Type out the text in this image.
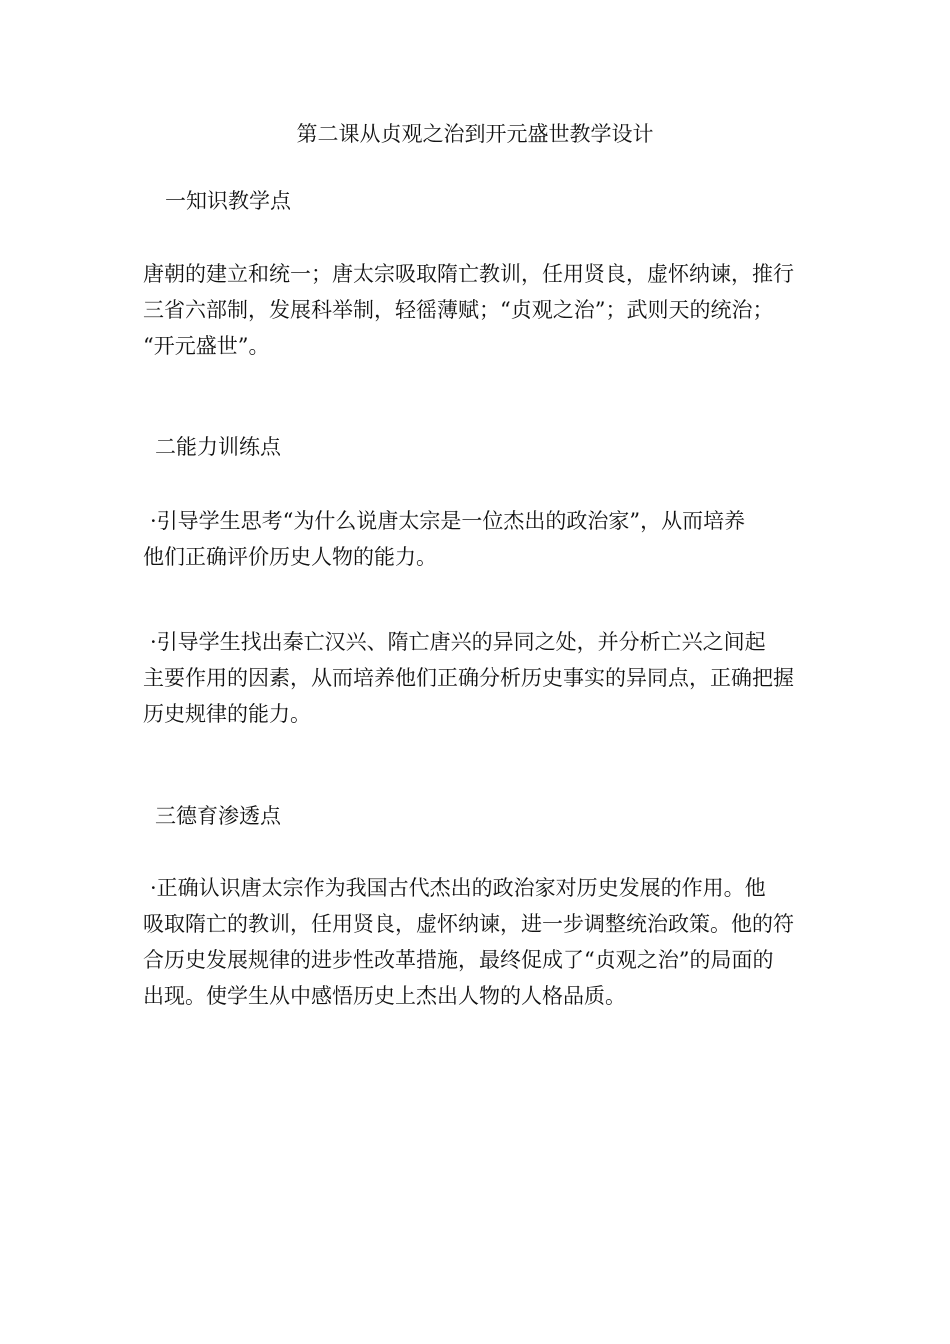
第二课从贞观之治到开元盛世教学设计
一知识教学点
唐朝的建立和统一；唐太宗吸取隋亡教训，任用贤良，虚怀纳谏，推行
三省六部制，发展科举制，轻徭薄赋；“贞观之治”；武则天的统治；
“开元盛世”。
二能力训练点
·引导学生思考“为什么说唐太宗是一位杰出的政治家”，从而培养
他们正确评价历史人物的能力。
·引导学生找出秦亡汉兴、隋亡唐兴的异同之处，并分析亡兴之间起
主要作用的因素，从而培养他们正确分析历史事实的异同点，正确把握
历史规律的能力。
三德育渗透点
·正确认识唐太宗作为我国古代杰出的政治家对历史发展的作用。他
吸取隋亡的教训，任用贤良，虚怀纳谏，进一步调整统治政策。他的符
合历史发展规律的进步性改革措施，最终促成了“贞观之治”的局面的
出现。使学生从中感悟历史上杰出人物的人格品质。
